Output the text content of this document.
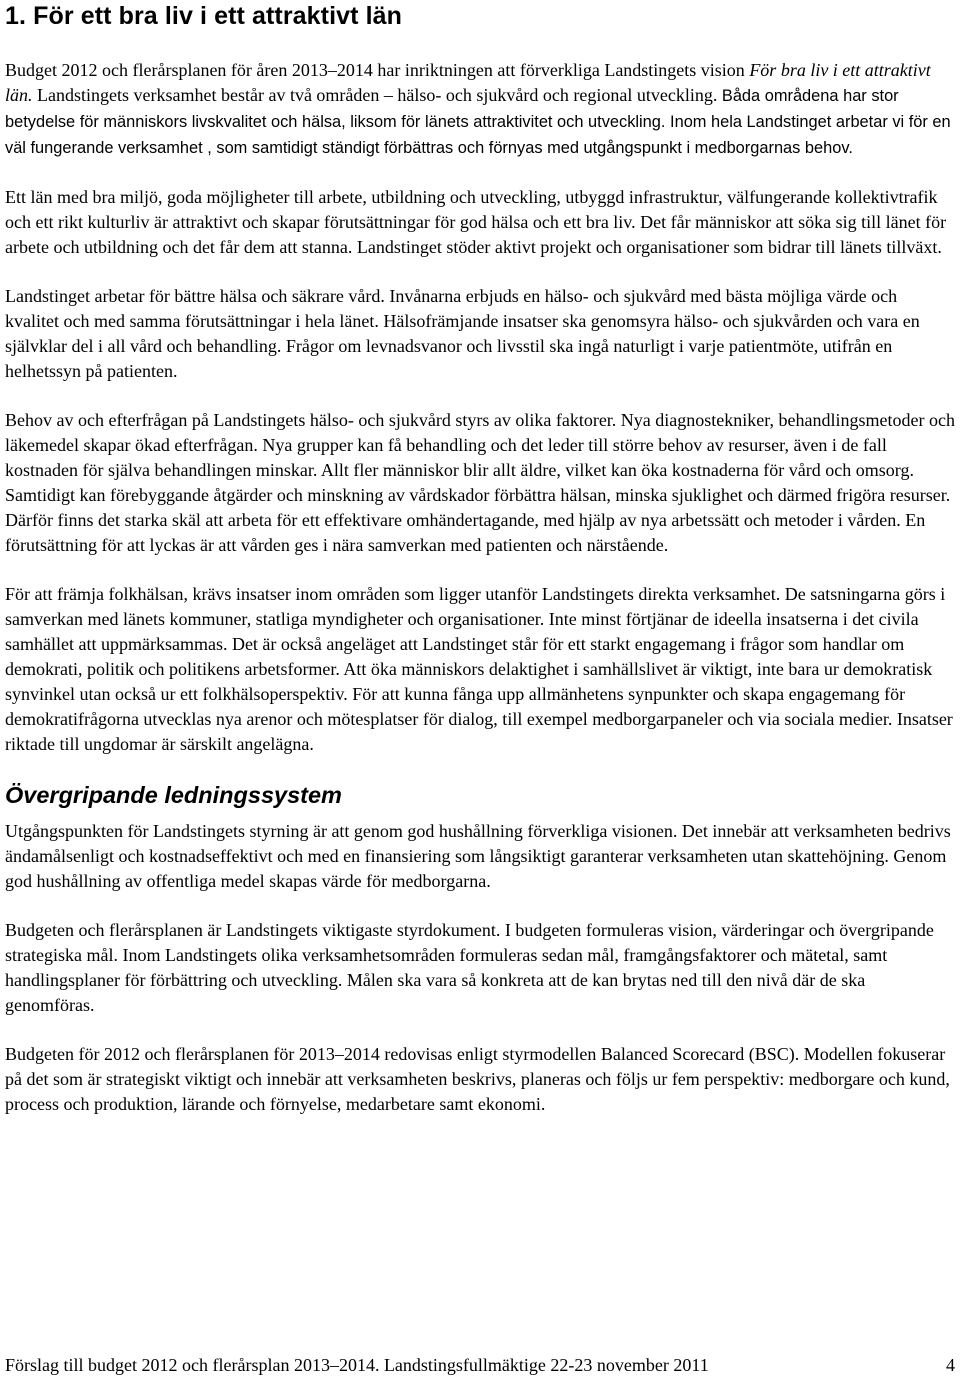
1. För ett bra liv i ett attraktivt län

Budget 2012 och flerårsplanen för åren 2013–2014 har inriktningen att förverkliga Landstingets vision För bra liv i ett attraktivt län. Landstingets verksamhet består av två områden – hälso- och sjukvård och regional utveckling. Båda områdena har stor betydelse för människors livskvalitet och hälsa, liksom för länets attraktivitet och utveckling. Inom hela Landstinget arbetar vi för en väl fungerande verksamhet , som samtidigt ständigt förbättras och förnyas med utgångspunkt i medborgarnas behov.

Ett län med bra miljö, goda möjligheter till arbete, utbildning och utveckling, utbyggd infrastruktur, välfungerande kollektivtrafik och ett rikt kulturliv är attraktivt och skapar förutsättningar för god hälsa och ett bra liv. Det får människor att söka sig till länet för arbete och utbildning och det får dem att stanna. Landstinget stöder aktivt projekt och organisationer som bidrar till länets tillväxt.

Landstinget arbetar för bättre hälsa och säkrare vård. Invånarna erbjuds en hälso- och sjukvård med bästa möjliga värde och kvalitet och med samma förutsättningar i hela länet. Hälsofrämjande insatser ska genomsyra hälso- och sjukvården och vara en självklar del i all vård och behandling. Frågor om levnadsvanor och livsstil ska ingå naturligt i varje patientmöte, utifrån en helhetssyn på patienten.

Behov av och efterfrågan på Landstingets hälso- och sjukvård styrs av olika faktorer. Nya diagnostekniker, behandlingsmetoder och läkemedel skapar ökad efterfrågan. Nya grupper kan få behandling och det leder till större behov av resurser, även i de fall kostnaden för själva behandlingen minskar. Allt fler människor blir allt äldre, vilket kan öka kostnaderna för vård och omsorg. Samtidigt kan förebyggande åtgärder och minskning av vårdskador förbättra hälsan, minska sjuklighet och därmed frigöra resurser. Därför finns det starka skäl att arbeta för ett effektivare omhändertagande, med hjälp av nya arbetssätt och metoder i vården. En förutsättning för att lyckas är att vården ges i nära samverkan med patienten och närstående.

För att främja folkhälsan, krävs insatser inom områden som ligger utanför Landstingets direkta verksamhet. De satsningarna görs i samverkan med länets kommuner, statliga myndigheter och organisationer. Inte minst förtjänar de ideella insatserna i det civila samhället att uppmärksammas. Det är också angeläget att Landstinget står för ett starkt engagemang i frågor som handlar om demokrati, politik och politikens arbetsformer. Att öka människors delaktighet i samhällslivet är viktigt, inte bara ur demokratisk synvinkel utan också ur ett folkhälsoperspektiv. För att kunna fånga upp allmänhetens synpunkter och skapa engagemang för demokratifrågorna utvecklas nya arenor och mötesplatser för dialog, till exempel medborgarpaneler och via sociala medier. Insatser riktade till ungdomar är särskilt angelägna.

Övergripande ledningssystem

Utgångspunkten för Landstingets styrning är att genom god hushållning förverkliga visionen. Det innebär att verksamheten bedrivs ändamålsenligt och kostnadseffektivt och med en finansiering som långsiktigt garanterar verksamheten utan skattehöjning. Genom god hushållning av offentliga medel skapas värde för medborgarna.

Budgeten och flerårsplanen är Landstingets viktigaste styrdokument. I budgeten formuleras vision, värderingar och övergripande strategiska mål. Inom Landstingets olika verksamhetsområden formuleras sedan mål, framgångsfaktorer och mätetal, samt handlingsplaner för förbättring och utveckling. Målen ska vara så konkreta att de kan brytas ned till den nivå där de ska genomföras.

Budgeten för 2012 och flerårsplanen för 2013–2014 redovisas enligt styrmodellen Balanced Scorecard (BSC). Modellen fokuserar på det som är strategiskt viktigt och innebär att verksamheten beskrivs, planeras och följs ur fem perspektiv: medborgare och kund, process och produktion, lärande och förnyelse, medarbetare samt ekonomi.

Förslag till budget 2012 och flerårsplan 2013–2014. Landstingsfullmäktige 22-23 november 2011	4
